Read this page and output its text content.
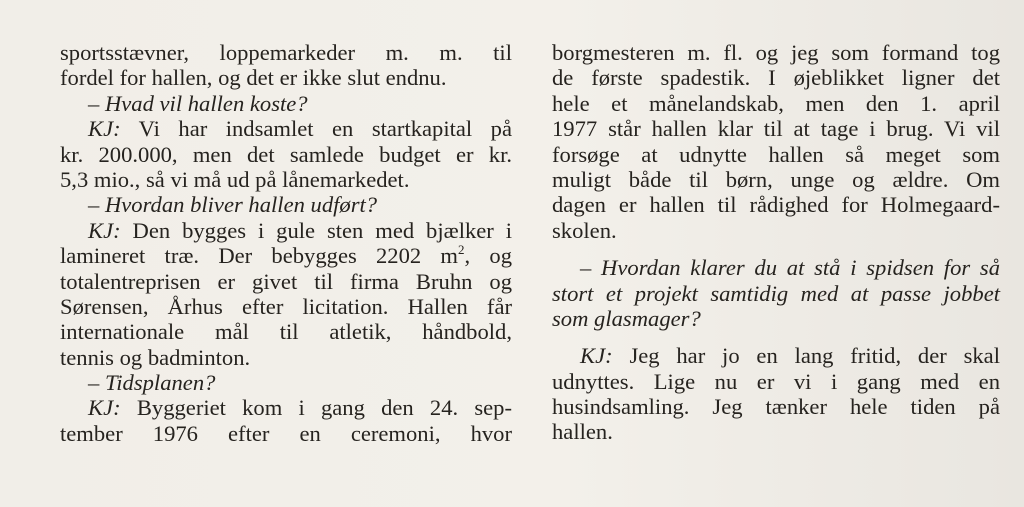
sportsstævner, loppemarkeder m. m. til
fordel for hallen, og det er ikke slut endnu.
– Hvad vil hallen koste?
KJ: Vi har indsamlet en startkapital på
kr. 200.000, men det samlede budget er kr.
5,3 mio., så vi må ud på lånemarkedet.
– Hvordan bliver hallen udført?
KJ: Den bygges i gule sten med bjælker i
lamineret træ. Der bebygges 2202 $m^2$, og
totalentreprisen er givet til firma Bruhn og
Sørensen, Århus efter licitation. Hallen får
internationale mål til atletik, håndbold,
tennis og badminton.
– Tidsplanen?
KJ: Byggeriet kom i gang den 24. sep-
tember 1976 efter en ceremoni, hvor
borgmesteren m. fl. og jeg som formand tog
de første spadestik. I øjeblikket ligner det
hele et månelandskab, men den 1. april
1977 står hallen klar til at tage i brug. Vi vil
forsøge at udnytte hallen så meget som
muligt både til børn, unge og ældre. Om
dagen er hallen til rådighed for Holmegaard-
skolen.
– Hvordan klarer du at stå i spidsen for så
stort et projekt samtidig med at passe jobbet
som glasmager?
KJ: Jeg har jo en lang fritid, der skal
udnyttes. Lige nu er vi i gang med en
husindsamling. Jeg tænker hele tiden på
hallen.
